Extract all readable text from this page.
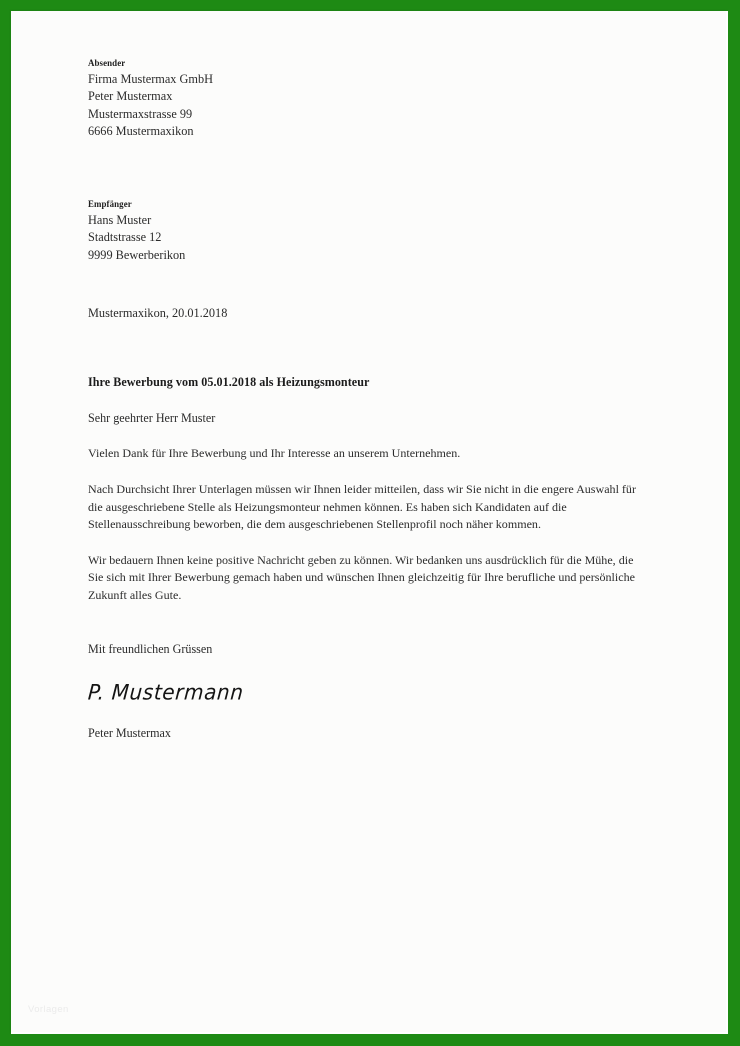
Absender
Firma Mustermax GmbH
Peter Mustermax
Mustermaxstrasse 99
6666 Mustermaxikon
Empfänger
Hans Muster
Stadtstrasse 12
9999 Bewerberikon
Mustermaxikon, 20.01.2018
Ihre Bewerbung vom 05.01.2018 als Heizungsmonteur
Sehr geehrter Herr Muster

Vielen Dank für Ihre Bewerbung und Ihr Interesse an unserem Unternehmen.

Nach Durchsicht Ihrer Unterlagen müssen wir Ihnen leider mitteilen, dass wir Sie nicht in die engere Auswahl für die ausgeschriebene Stelle als Heizungsmonteur nehmen können. Es haben sich Kandidaten auf die Stellenausschreibung beworben, die dem ausgeschriebenen Stellenprofil noch näher kommen.

Wir bedauern Ihnen keine positive Nachricht geben zu können. Wir bedanken uns ausdrücklich für die Mühe, die Sie sich mit Ihrer Bewerbung gemach haben und wünschen Ihnen gleichzeitig für Ihre berufliche und persönliche Zukunft alles Gute.

Mit freundlichen Grüssen
P. Mustermann
Peter Mustermax
Vorlagen
